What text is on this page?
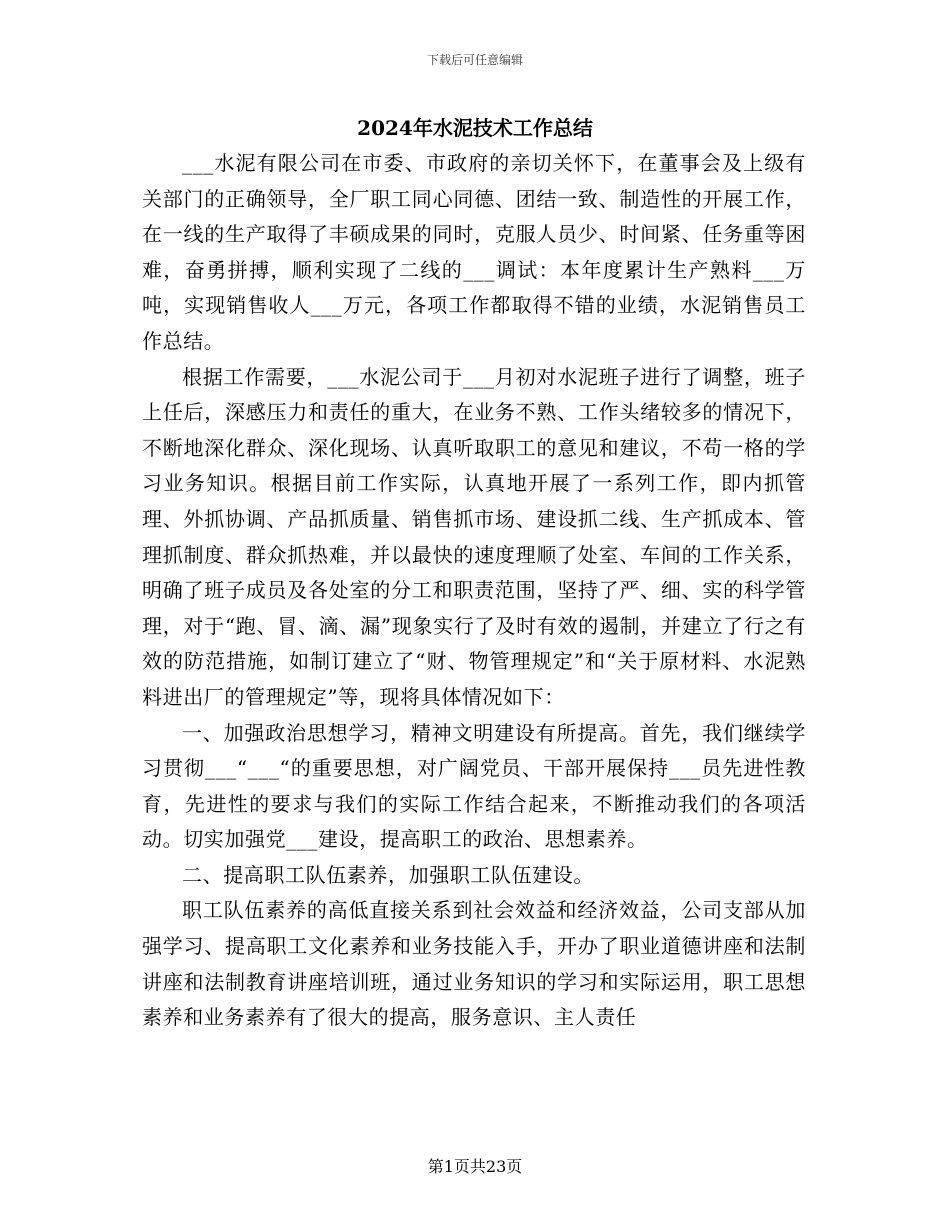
下载后可任意编辑
2024年水泥技术工作总结

___水泥有限公司在市委、市政府的亲切关怀下，在董事会及上级有关部门的正确领导，全厂职工同心同德、团结一致、制造性的开展工作，在一线的生产取得了丰硕成果的同时，克服人员少、时间紧、任务重等困难，奋勇拼搏，顺利实现了二线的___调试：本年度累计生产熟料___万吨，实现销售收人___万元，各项工作都取得不错的业绩，水泥销售员工作总结。

根据工作需要，___水泥公司于___月初对水泥班子进行了调整，班子上任后，深感压力和责任的重大，在业务不熟、工作头绪较多的情况下，不断地深化群众、深化现场、认真听取职工的意见和建议，不苟一格的学习业务知识。根据目前工作实际，认真地开展了一系列工作，即内抓管理、外抓协调、产品抓质量、销售抓市场、建设抓二线、生产抓成本、管理抓制度、群众抓热难，并以最快的速度理顺了处室、车间的工作关系，明确了班子成员及各处室的分工和职责范围，坚持了严、细、实的科学管理，对于“跑、冒、滴、漏”现象实行了及时有效的遏制，并建立了行之有效的防范措施，如制订建立了“财、物管理规定”和“关于原材料、水泥熟料进出厂的管理规定”等，现将具体情况如下：

一、加强政治思想学习，精神文明建设有所提高。首先，我们继续学习贯彻___“___“的重要思想，对广阔党员、干部开展保持___员先进性教育，先进性的要求与我们的实际工作结合起来，不断推动我们的各项活动。切实加强党___建设，提高职工的政治、思想素养。

二、提高职工队伍素养，加强职工队伍建设。

职工队伍素养的高低直接关系到社会效益和经济效益，公司支部从加强学习、提高职工文化素养和业务技能入手，开办了职业道德讲座和法制讲座和法制教育讲座培训班，通过业务知识的学习和实际运用，职工思想素养和业务素养有了很大的提高，服务意识、主人责任

第1页共23页
